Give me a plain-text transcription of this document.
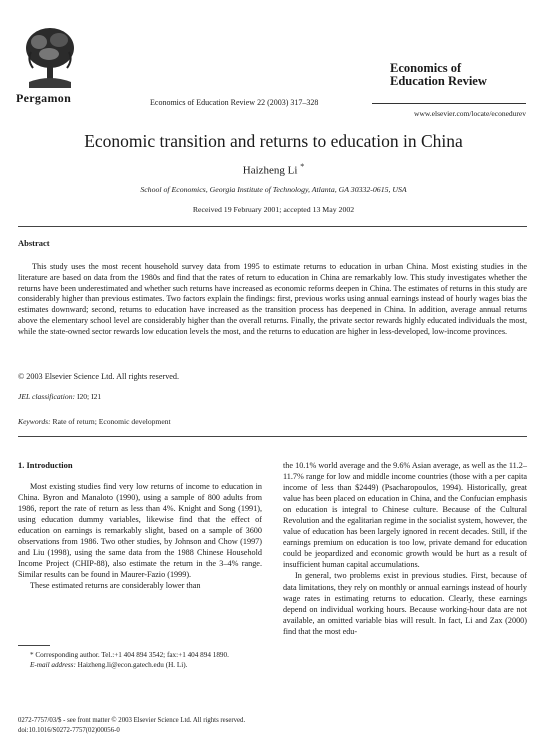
Pergamon	Economics of Education Review 22 (2003) 317–328
Economics of
Education Review
www.elsevier.com/locate/econedurev
Economic transition and returns to education in China
Haizheng Li *
School of Economics, Georgia Institute of Technology, Atlanta, GA 30332-0615, USA
Received 19 February 2001; accepted 13 May 2002
Abstract

This study uses the most recent household survey data from 1995 to estimate returns to education in urban China. Most existing studies in the literature are based on data from the 1980s and find that the rates of return to education in China are remarkably low. This study investigates whether the returns have been underestimated and whether such returns have increased as economic reforms deepen in China. The estimates of returns in this study are considerably higher than previous estimates. Two factors explain the findings: first, previous works using annual earnings instead of hourly wages bias the estimates downward; second, returns to education have increased as the transition process has deepened in China. In addition, average annual returns above the elementary school level are considerably higher than the overall returns. Finally, the private sector rewards highly educated individuals the most, while the state-owned sector rewards low education levels the most, and the returns to education are higher in less-developed, low-income provinces.

© 2003 Elsevier Science Ltd. All rights reserved.
JEL classification: I20; I21
Keywords: Rate of return; Economic development
1. Introduction

Most existing studies find very low returns of income to education in China. Byron and Manaloto (1990), using a sample of 800 adults from 1986, report the rate of return as less than 4%. Knight and Song (1991), using education dummy variables, likewise find that the effect of education on earnings is remarkably slight, based on a sample of 3600 observations from 1986. Two other studies, by Johnson and Chow (1997) and Liu (1998), using the same data from the 1988 Chinese Household Income Project (CHIP-88), also estimate the return in the 3–4% range. Similar results can be found in Maurer-Fazio (1999).

These estimated returns are considerably lower than

the 10.1% world average and the 9.6% Asian average, as well as the 11.2–11.7% range for low and middle income countries (those with a per capita income of less than $2449) (Psacharopoulos, 1994). Historically, great value has been placed on education in China, and the Confucian emphasis on education is integral to Chinese culture. Because of the Cultural Revolution and the egalitarian regime in the socialist system, however, the value of education has been largely ignored in recent decades. Still, if the earnings premium on education is too low, private demand for education could be jeopardized and economic growth would be hurt as a result of insufficient human capital accumulations.

In general, two problems exist in previous studies. First, because of data limitations, they rely on monthly or annual earnings instead of hourly wage rates in estimating returns to education. Clearly, these earnings depend on individual working hours. Because working-hour data are not available, an omitted variable bias will result. In fact, Li and Zax (2000) find that the most edu-

* Corresponding author. Tel.:+1 404 894 3542; fax:+1 404 894 1890.

E-mail address: Haizheng.li@econ.gatech.edu (H. Li).

0272-7757/03/$ - see front matter © 2003 Elsevier Science Ltd. All rights reserved.
doi:10.1016/S0272-7757(02)00056-0
